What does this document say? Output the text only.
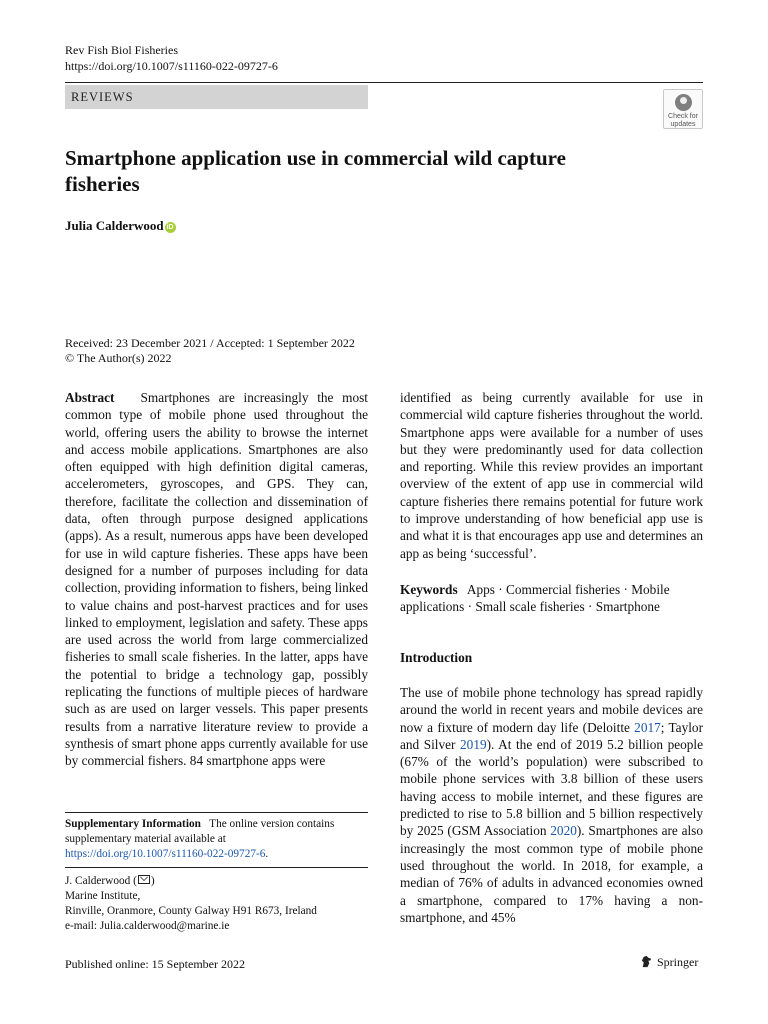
Rev Fish Biol Fisheries
https://doi.org/10.1007/s11160-022-09727-6
REVIEWS
Check for
updates
Smartphone application use in commercial wild capture
fisheries
Julia Calderwood iD
Received: 23 December 2021 / Accepted: 1 September 2022
© The Author(s) 2022
Abstract Smartphones are increasingly the most common type of mobile phone used throughout the world, offering users the ability to browse the internet and access mobile applications. Smartphones are also often equipped with high definition digital cameras, accelerometers, gyroscopes, and GPS. They can, therefore, facilitate the collection and dissemination of data, often through purpose designed applications (apps). As a result, numerous apps have been developed for use in wild capture fisheries. These apps have been designed for a number of purposes including for data collection, providing information to fishers, being linked to value chains and post-harvest practices and for uses linked to employment, legislation and safety. These apps are used across the world from large commercialized fisheries to small scale fisheries. In the latter, apps have the potential to bridge a technology gap, possibly replicating the functions of multiple pieces of hardware such as are used on larger vessels. This paper presents results from a narrative literature review to provide a synthesis of smart phone apps currently available for use by commercial fishers. 84 smartphone apps were
identified as being currently available for use in commercial wild capture fisheries throughout the world. Smartphone apps were available for a number of uses but they were predominantly used for data collection and reporting. While this review provides an important overview of the extent of app use in commercial wild capture fisheries there remains potential for future work to improve understanding of how beneficial app use is and what it is that encourages app use and determines an app as being ‘successful’.
Keywords Apps · Commercial fisheries · Mobile applications · Small scale fisheries · Smartphone
Introduction
The use of mobile phone technology has spread rapidly around the world in recent years and mobile devices are now a fixture of modern day life (Deloitte 2017; Taylor and Silver 2019). At the end of 2019 5.2 billion people (67% of the world’s population) were subscribed to mobile phone services with 3.8 billion of these users having access to mobile internet, and these figures are predicted to rise to 5.8 billion and 5 billion respectively by 2025 (GSM Association 2020). Smartphones are also increasingly the most common type of mobile phone used throughout the world. In 2018, for example, a median of 76% of adults in advanced economies owned a smartphone, compared to 17% having a non-smartphone, and 45%
Supplementary Information The online version contains supplementary material available at https://doi.org/10.1007/s11160-022-09727-6.
J. Calderwood ( )
Marine Institute,
Rinville, Oranmore, County Galway H91 R673, Ireland
e-mail: Julia.calderwood@marine.ie
Published online: 15 September 2022	Springer
